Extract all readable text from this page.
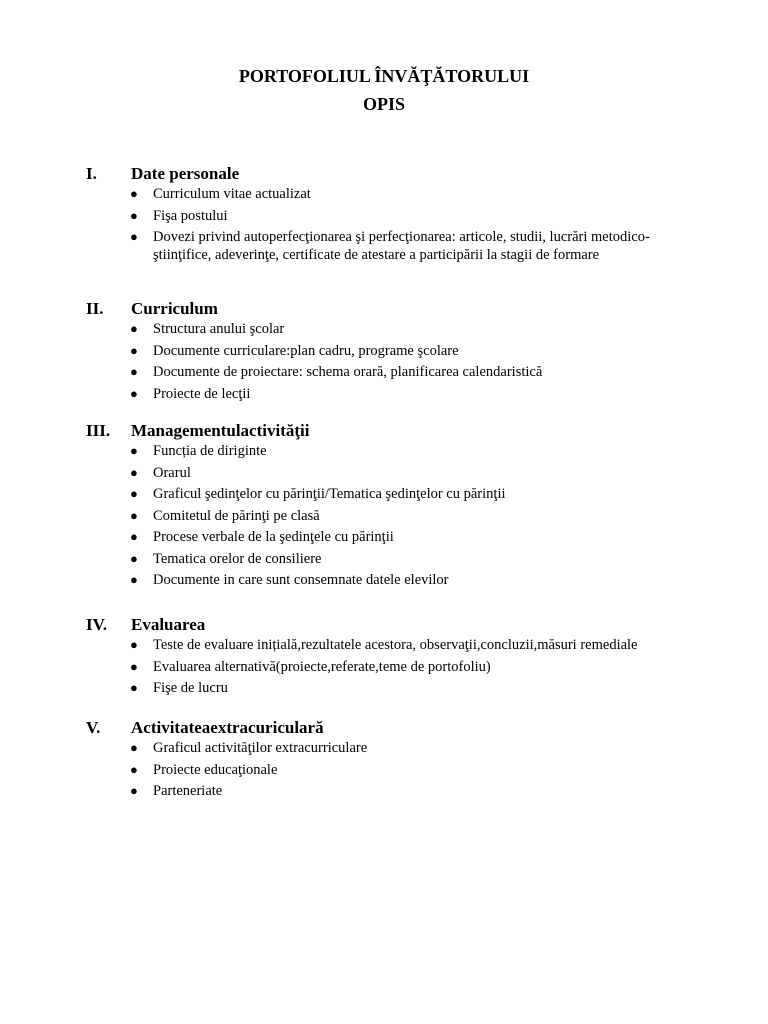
PORTOFOLIUL ÎNVĂŢĂTORULUI
OPIS
I. Date personale
● Curriculum vitae actualizat
● Fişa postului
● Dovezi privind autoperfecţionarea şi perfecţionarea: articole, studii, lucrări metodico-ştiinţifice, adeverinţe, certificate de atestare a participării la stagii de formare
II. Curriculum
● Structura anului şcolar
● Documente curriculare:plan cadru, programe şcolare
● Documente de proiectare: schema orară, planificarea calendaristică
● Proiecte de lecţii
III. Managementulactivităţii
● Funcția de diriginte
● Orarul
● Graficul şedinţelor cu părinţii/Tematica şedinţelor cu părinţii
● Comitetul de părinţi pe clasă
● Procese verbale de la şedinţele cu părinţii
● Tematica orelor de consiliere
● Documente in care sunt consemnate datele elevilor
IV. Evaluarea
● Teste de evaluare inițială,rezultatele acestora, observaţii,concluzii,măsuri remediale
● Evaluarea alternativă(proiecte,referate,teme de portofoliu)
● Fişe de lucru
V. Activitateaextracuriculară
● Graficul activităţilor extracurriculare
● Proiecte educaţionale
● Parteneriate
